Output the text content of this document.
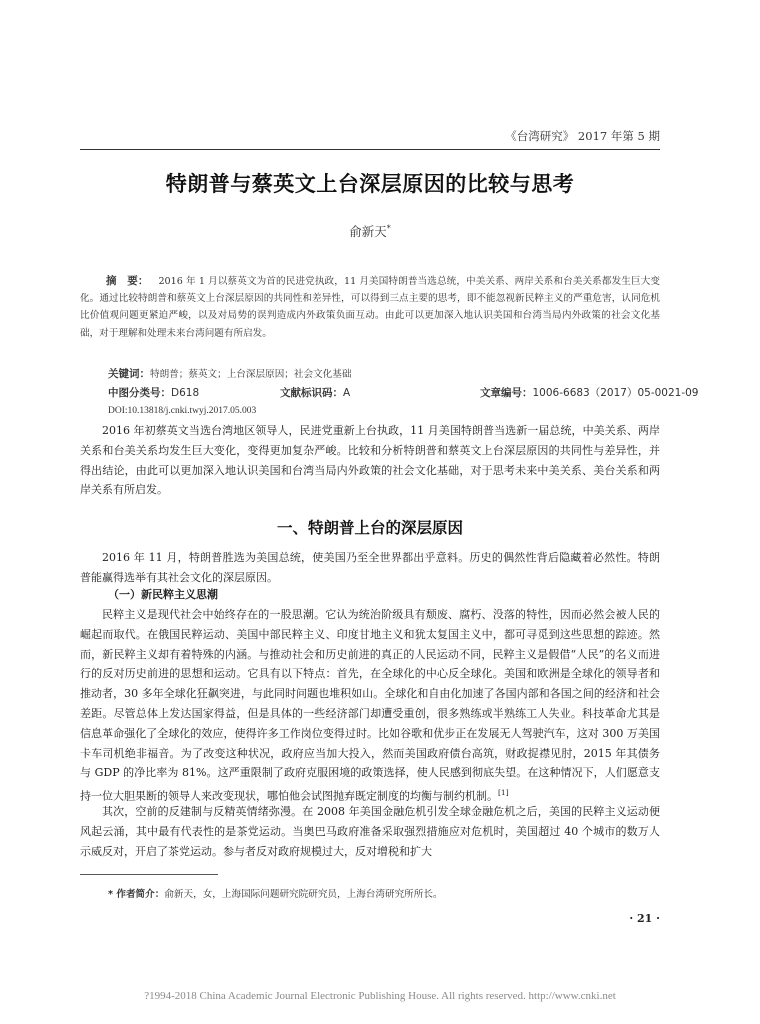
《台湾研究》 2017 年第 5 期
特朗普与蔡英文上台深层原因的比较与思考
俞新天*
摘　要： 2016 年 1 月以蔡英文为首的民进党执政，11 月美国特朗普当选总统，中美关系、两岸关系和台美关系都发生巨大变化。通过比较特朗普和蔡英文上台深层原因的共同性和差异性，可以得到三点主要的思考，即不能忽视新民粹主义的严重危害，认同危机比价值观问题更紧迫严峻，以及对局势的误判造成内外政策负面互动。由此可以更加深入地认识美国和台湾当局内外政策的社会文化基础，对于理解和处理未来台湾问题有所启发。
关键词：特朗普；蔡英文；上台深层原因；社会文化基础
中图分类号：D618	文献标识码：A	文章编号：1006-6683（2017）05-0021-09
DOI:10.13818/j.cnki.twyj.2017.05.003

2016 年初蔡英文当选台湾地区领导人，民进党重新上台执政，11 月美国特朗普当选新一届总统，中美关系、两岸关系和台美关系均发生巨大变化，变得更加复杂严峻。比较和分析特朗普和蔡英文上台深层原因的共同性与差异性，并得出结论，由此可以更加深入地认识美国和台湾当局内外政策的社会文化基础，对于思考未来中美关系、美台关系和两岸关系有所启发。

一、特朗普上台的深层原因

2016 年 11 月，特朗普胜选为美国总统，使美国乃至全世界都出乎意料。历史的偶然性背后隐藏着必然性。特朗普能赢得选举有其社会文化的深层原因。

（一）新民粹主义思潮

民粹主义是现代社会中始终存在的一股思潮。它认为统治阶级具有颓废、腐朽、没落的特性，因而必然会被人民的崛起而取代。在俄国民粹运动、美国中部民粹主义、印度甘地主义和犹太复国主义中，都可寻觅到这些思想的踪迹。然而，新民粹主义却有着特殊的内涵。与推动社会和历史前进的真正的人民运动不同，民粹主义是假借“人民”的名义而进行的反对历史前进的思想和运动。它具有以下特点：首先，在全球化的中心反全球化。美国和欧洲是全球化的领导者和推动者，30 多年全球化狂飙突进，与此同时问题也堆积如山。全球化和自由化加速了各国内部和各国之间的经济和社会差距。尽管总体上发达国家得益，但是具体的一些经济部门却遭受重创，很多熟练或半熟练工人失业。科技革命尤其是信息革命强化了全球化的效应，使得许多工作岗位变得过时。比如谷歌和优步正在发展无人驾驶汽车，这对 300 万美国卡车司机绝非福音。为了改变这种状况，政府应当加大投入，然而美国政府债台高筑，财政捉襟见肘，2015 年其债务与 GDP 的净比率为 81%。这严重限制了政府克服困境的政策选择，使人民感到彻底失望。在这种情况下，人们愿意支持一位大胆果断的领导人来改变现状，哪怕他会试图抛弃既定制度的均衡与制约机制。[1]

其次，空前的反建制与反精英情绪弥漫。在 2008 年美国金融危机引发全球金融危机之后，美国的民粹主义运动便风起云涌，其中最有代表性的是茶党运动。当奥巴马政府准备采取强烈措施应对危机时，美国超过 40 个城市的数万人示威反对，开启了茶党运动。参与者反对政府规模过大，反对增税和扩大

* 作者简介：俞新天，女，上海国际问题研究院研究员，上海台湾研究所所长。
· 21 ·
?1994-2018 China Academic Journal Electronic Publishing House. All rights reserved. http://www.cnki.net
